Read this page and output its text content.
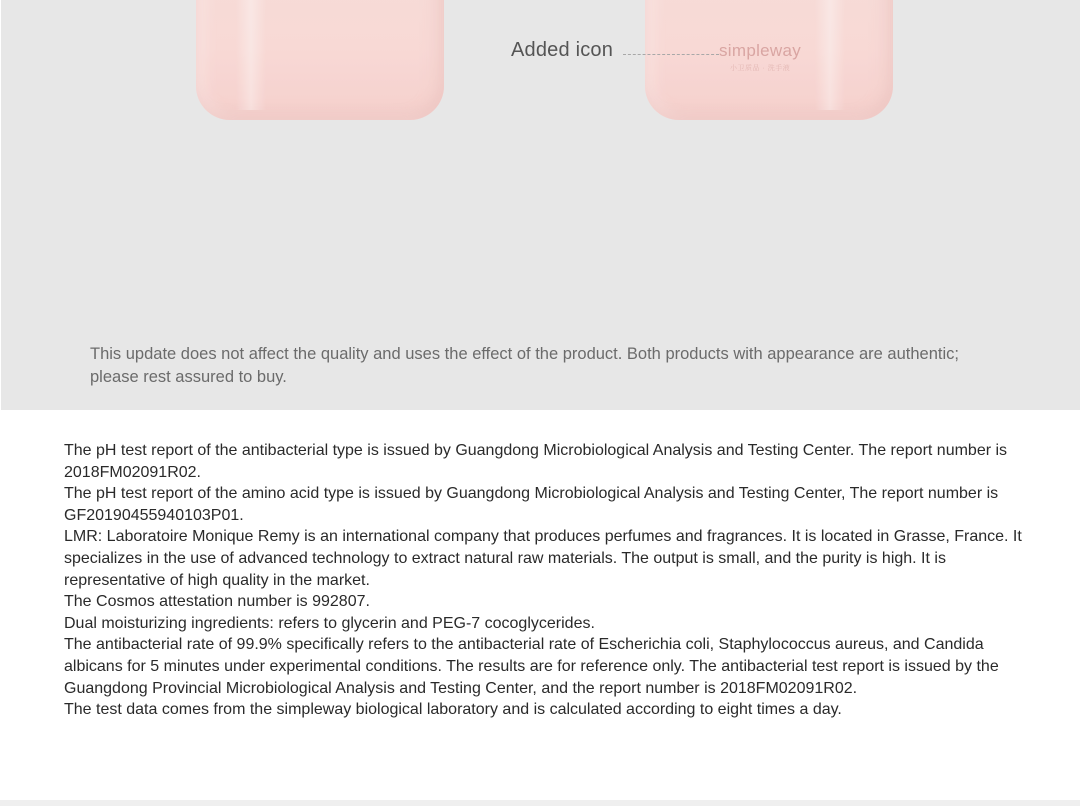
Added icon	simpleway
小卫质品 · 洗手液

This update does not affect the quality and uses the effect of the product. Both products with appearance are authentic; please rest assured to buy.

The pH test report of the antibacterial type is issued by Guangdong Microbiological Analysis and Testing Center. The report number is 2018FM02091R02.

The pH test report of the amino acid type is issued by Guangdong Microbiological Analysis and Testing Center, The report number is GF20190455940103P01.

LMR: Laboratoire Monique Remy is an international company that produces perfumes and fragrances. It is located in Grasse, France. It specializes in the use of advanced technology to extract natural raw materials. The output is small, and the purity is high. It is representative of high quality in the market.

The Cosmos attestation number is 992807.

Dual moisturizing ingredients: refers to glycerin and PEG-7 cocoglycerides.

The antibacterial rate of 99.9% specifically refers to the antibacterial rate of Escherichia coli, Staphylococcus aureus, and Candida albicans for 5 minutes under experimental conditions. The results are for reference only. The antibacterial test report is issued by the Guangdong Provincial Microbiological Analysis and Testing Center, and the report number is 2018FM02091R02.

The test data comes from the simpleway biological laboratory and is calculated according to eight times a day.
